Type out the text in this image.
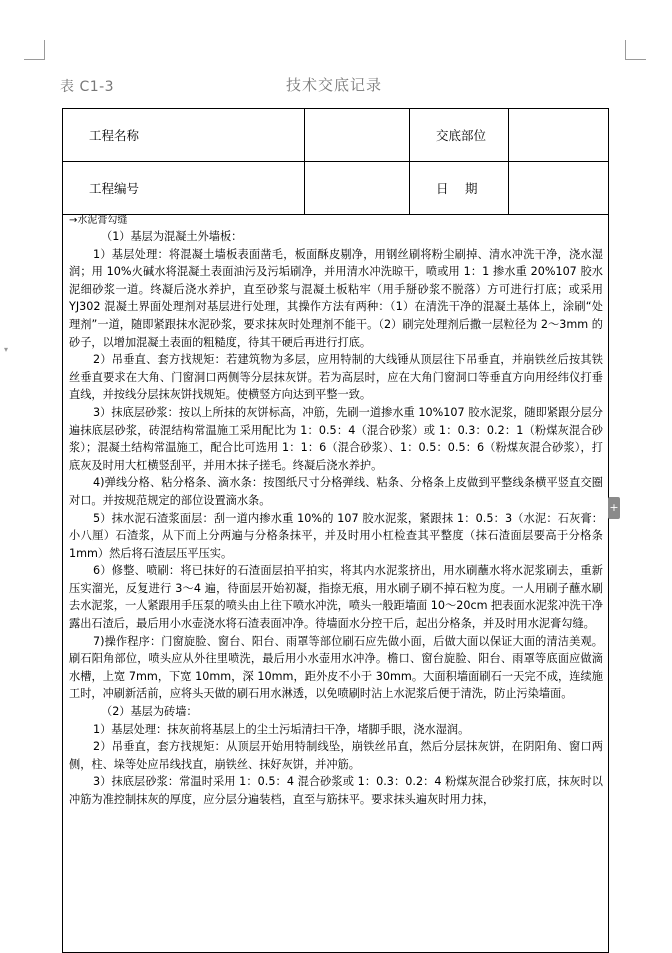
▾
表 C1-3	技术交底记录
工程名称		交底部位	
工程编号		日　 期	
→水泥膏勾缝

（1）基层为混凝土外墙板：

1）基层处理：将混凝土墙板表面凿毛，板面酥皮剔净，用钢丝刷将粉尘刷掉、清水冲洗干净，浇水湿润；用 10%火碱水将混凝土表面油污及污垢刷净，并用清水冲洗晾干，喷或用 1：1 掺水重 20%107 胶水泥细砂浆一道。终凝后浇水养护，直至砂浆与混凝土板粘牢（用手掰砂浆不脱落）方可进行打底；或采用 YJ302 混凝土界面处理剂对基层进行处理，其操作方法有两种：（1）在清洗干净的混凝土基体上，涂刷“处理剂”一道，随即紧跟抹水泥砂浆，要求抹灰时处理剂不能干。（2）刷完处理剂后撒一层粒径为 2～3mm 的砂子，以增加混凝土表面的粗糙度，待其干硬后再进行打底。

2）吊垂直、套方找规矩：若建筑物为多层，应用特制的大线锤从顶层往下吊垂直，并崩铁丝后按其铁丝垂直要求在大角、门窗洞口两侧等分层抹灰饼。若为高层时，应在大角门窗洞口等垂直方向用经纬仪打垂直线，并按线分层抹灰饼找规矩。使横竖方向达到平整一致。

3）抹底层砂浆：按以上所抹的灰饼标高，冲筋，先刷一道掺水重 10%107 胶水泥浆，随即紧跟分层分遍抹底层砂浆，砖混结构常温施工采用配比为 1：0.5：4（混合砂浆）或 1：0.3：0.2：1（粉煤灰混合砂浆）；混凝土结构常温施工，配合比可选用 1：1：6（混合砂浆）、1：0.5：0.5：6（粉煤灰混合砂浆），打底灰及时用大杠横竖刮平，并用木抹子搓毛。终凝后浇水养护。

4)弹线分格、粘分格条、滴水条：按图纸尺寸分格弹线、粘条、分格条上皮做到平整线条横平竖直交圈对口。并按规范规定的部位设置滴水条。

5）抹水泥石渣浆面层：刮一道内掺水重 10%的 107 胶水泥浆，紧跟抹 1：0.5：3（水泥：石灰膏：小八厘）石渣浆，从下而上分两遍与分格条抹平，并及时用小杠检查其平整度（抹石渣面层要高于分格条 1mm）然后将石渣层压平压实。

6）修整、喷刷：将已抹好的石渣面层拍平拍实，将其内水泥浆挤出，用水刷蘸水将水泥浆刷去，重新压实溜光，反复进行 3～4 遍，待面层开始初凝，指捺无痕，用水刷子刷不掉石粒为度。一人用刷子蘸水刷去水泥浆，一人紧跟用手压泵的喷头由上往下喷水冲洗，喷头一般距墙面 10～20cm 把表面水泥浆冲洗干净露出石渣后，最后用小水壶浇水将石渣表面冲净。待墙面水分控干后，起出分格条，并及时用水泥膏勾缝。

7)操作程序：门窗旋脸、窗台、阳台、雨罩等部位刷石应先做小面，后做大面以保证大面的清洁美观。刷石阳角部位，喷头应从外往里喷洗，最后用小水壶用水冲净。檐口、窗台旋脸、阳台、雨罩等底面应做滴水槽，上宽 7mm，下宽 10mm，深 10mm，距外皮不小于 30mm。大面积墙面刷石一天完不成，连续施工时，冲刷新活前，应将头天做的刷石用水淋透，以免喷刷时沾上水泥浆后便于清洗，防止污染墙面。

（2）基层为砖墙：

1）基层处理：抹灰前将基层上的尘土污垢清扫干净，堵脚手眼，浇水湿润。

2）吊垂直，套方找规矩：从顶层开始用特制线坠，崩铁丝吊直，然后分层抹灰饼，在阴阳角、窗口两侧，柱、垛等处应吊线找直，崩铁丝、抹好灰饼，并冲筋。

3）抹底层砂浆：常温时采用 1：0.5：4 混合砂浆或 1：0.3：0.2：4 粉煤灰混合砂浆打底，抹灰时以冲筋为准控制抹灰的厚度，应分层分遍装档，直至与筋抹平。要求抹头遍灰时用力抹，

+
